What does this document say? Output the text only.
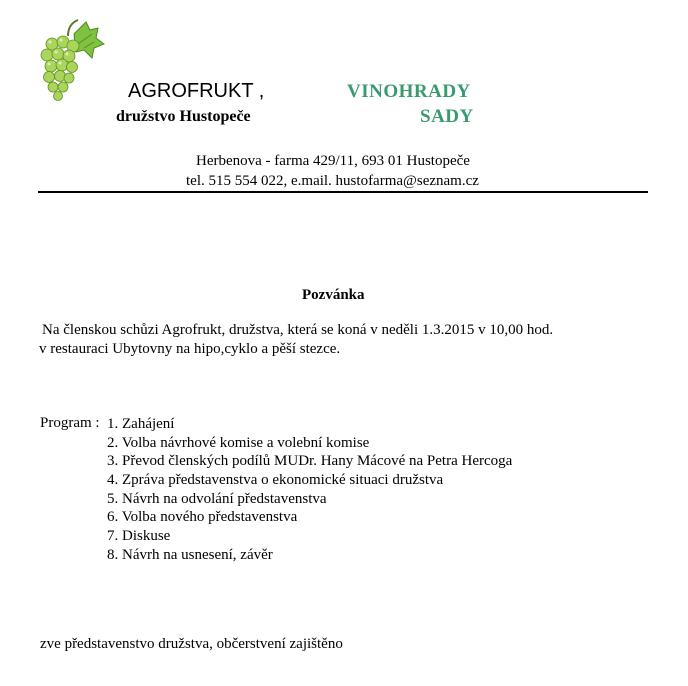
AGROFRUKT ,
družstvo Hustopeče
VINOHRADY
SADY
Herbenova - farma 429/11, 693 01 Hustopeče
tel. 515 554 022, e.mail. hustofarma@seznam.cz
Pozvánka
Na členskou schůzi Agrofrukt, družstva, která se koná v neděli 1.3.2015 v 10,00 hod.
v restauraci Ubytovny na hipo,cyklo a pěší stezce.
Program : 1. Zahájení
2. Volba návrhové komise a volební komise
3. Převod členských podílů MUDr. Hany Mácové na Petra Hercoga
4. Zpráva představenstva o ekonomické situaci družstva
5. Návrh na odvolání představenstva
6. Volba nového představenstva
7. Diskuse
8. Návrh na usnesení, závěr
zve představenstvo družstva, občerstvení zajištěno
